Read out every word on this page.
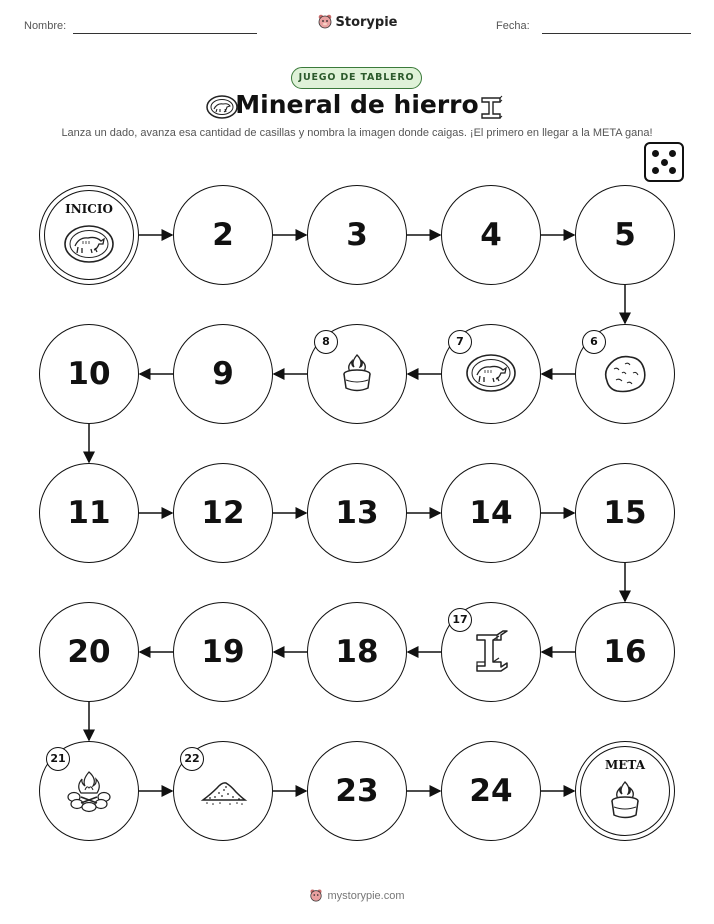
Nombre:	Fecha:
Storypie
JUEGO DE TABLERO
Mineral de hierro
Lanza un dado, avanza esa cantidad de casillas y nombra la imagen donde caigas. ¡El primero en llegar a la META gana!
INICIO
2	3	4	5
6
7
8
9
10
11	12	13	14	15
16
17
18
19
20
21	22
23	24
META
mystorypie.com
